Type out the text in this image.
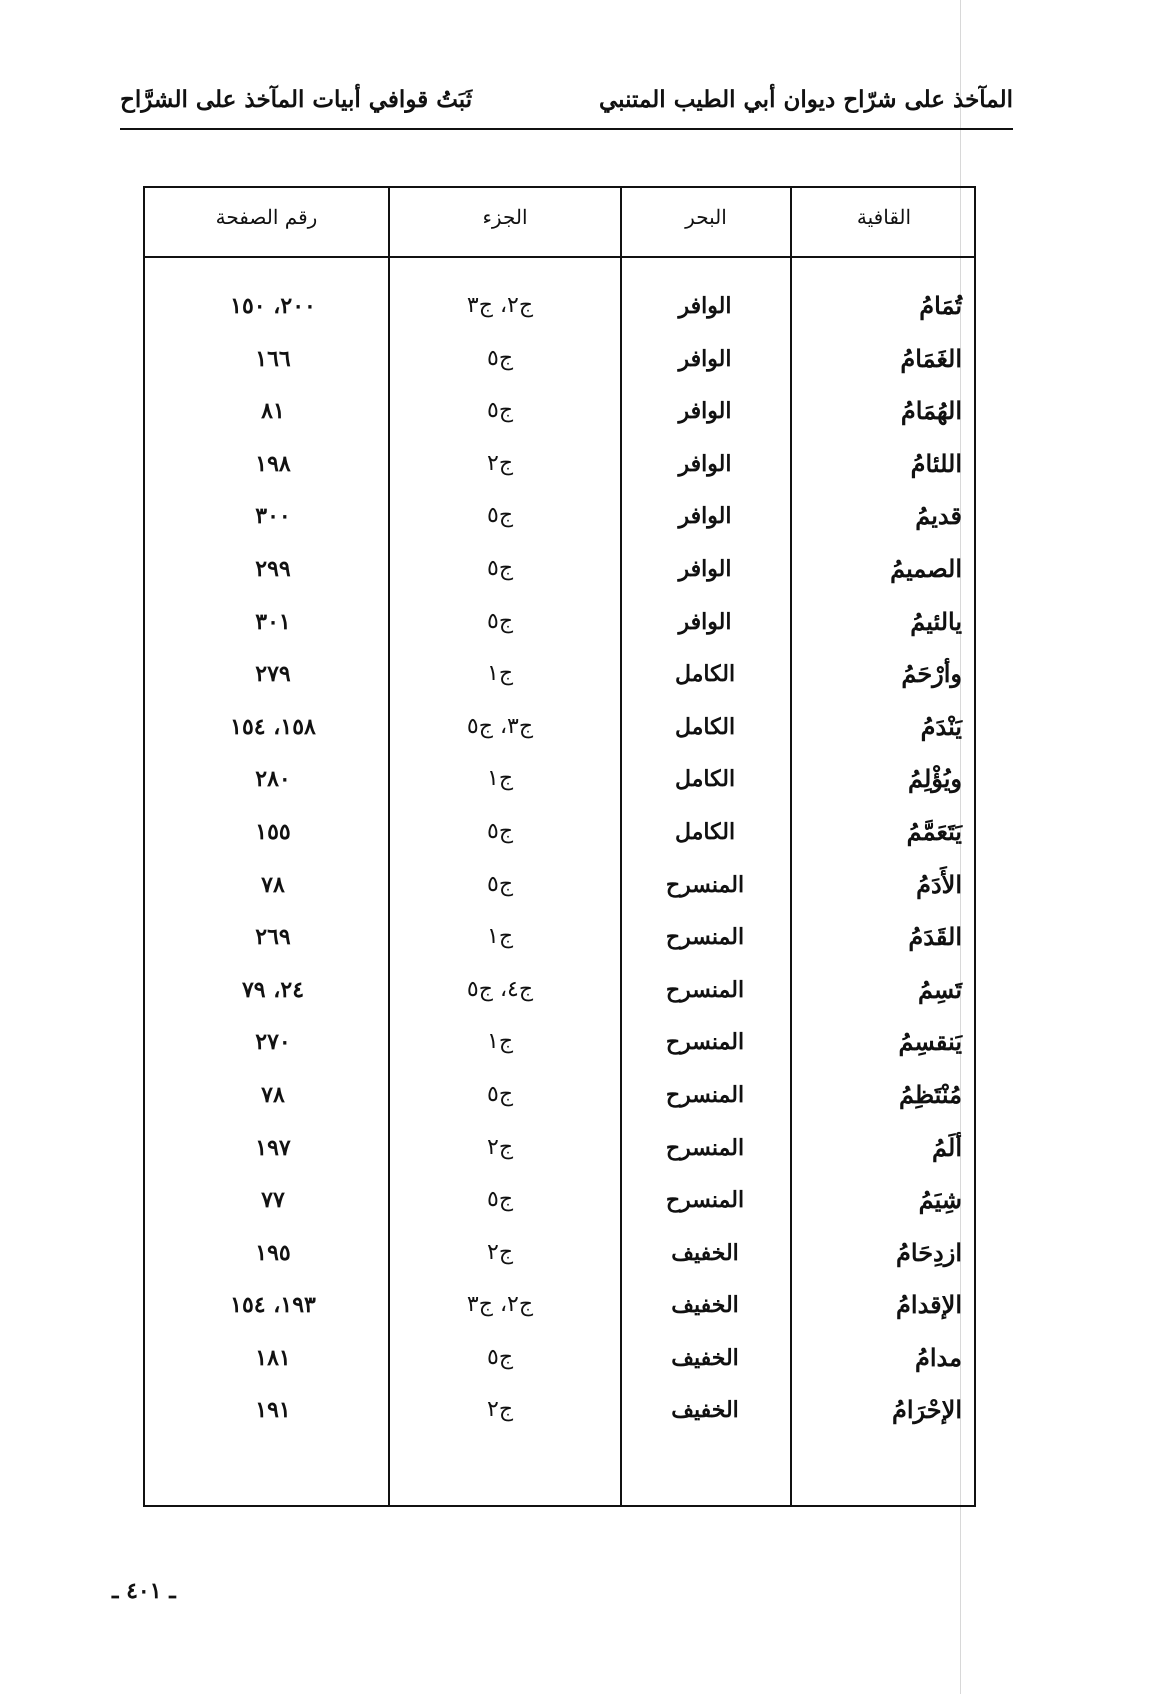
المآخذ على شرّاح ديوان أبي الطيب المتنبي
ثَبَتُ قوافي أبيات المآخذ على الشرَّاح
القافية
البحر
الجزء
رقم الصفحة
تُمَامُ
الوافر
ج٢، ج٣
٢٠٠، ١٥٠
الغَمَامُ
الوافر
ج٥
١٦٦
الهُمَامُ
الوافر
ج٥
٨١
اللئامُ
الوافر
ج٢
١٩٨
قديمُ
الوافر
ج٥
٣٠٠
الصميمُ
الوافر
ج٥
٢٩٩
يالئيمُ
الوافر
ج٥
٣٠١
وأرْحَمُ
الكامل
ج١
٢٧٩
يَنْدَمُ
الكامل
ج٣، ج٥
١٥٨، ١٥٤
ويُؤْلِمُ
الكامل
ج١
٢٨٠
يَتَعَمَّمُ
الكامل
ج٥
١٥٥
الأَدَمُ
المنسرح
ج٥
٧٨
القَدَمُ
المنسرح
ج١
٢٦٩
تَسِمُ
المنسرح
ج٤، ج٥
٢٤، ٧٩
يَنقسِمُ
المنسرح
ج١
٢٧٠
مُنْتَظِمُ
المنسرح
ج٥
٧٨
ألَمُ
المنسرح
ج٢
١٩٧
شِيَمُ
المنسرح
ج٥
٧٧
ازدِحَامُ
الخفيف
ج٢
١٩٥
الإقدامُ
الخفيف
ج٢، ج٣
١٩٣، ١٥٤
مدامُ
الخفيف
ج٥
١٨١
الإحْرَامُ
الخفيف
ج٢
١٩١
ـ ٤٠١ ـ
